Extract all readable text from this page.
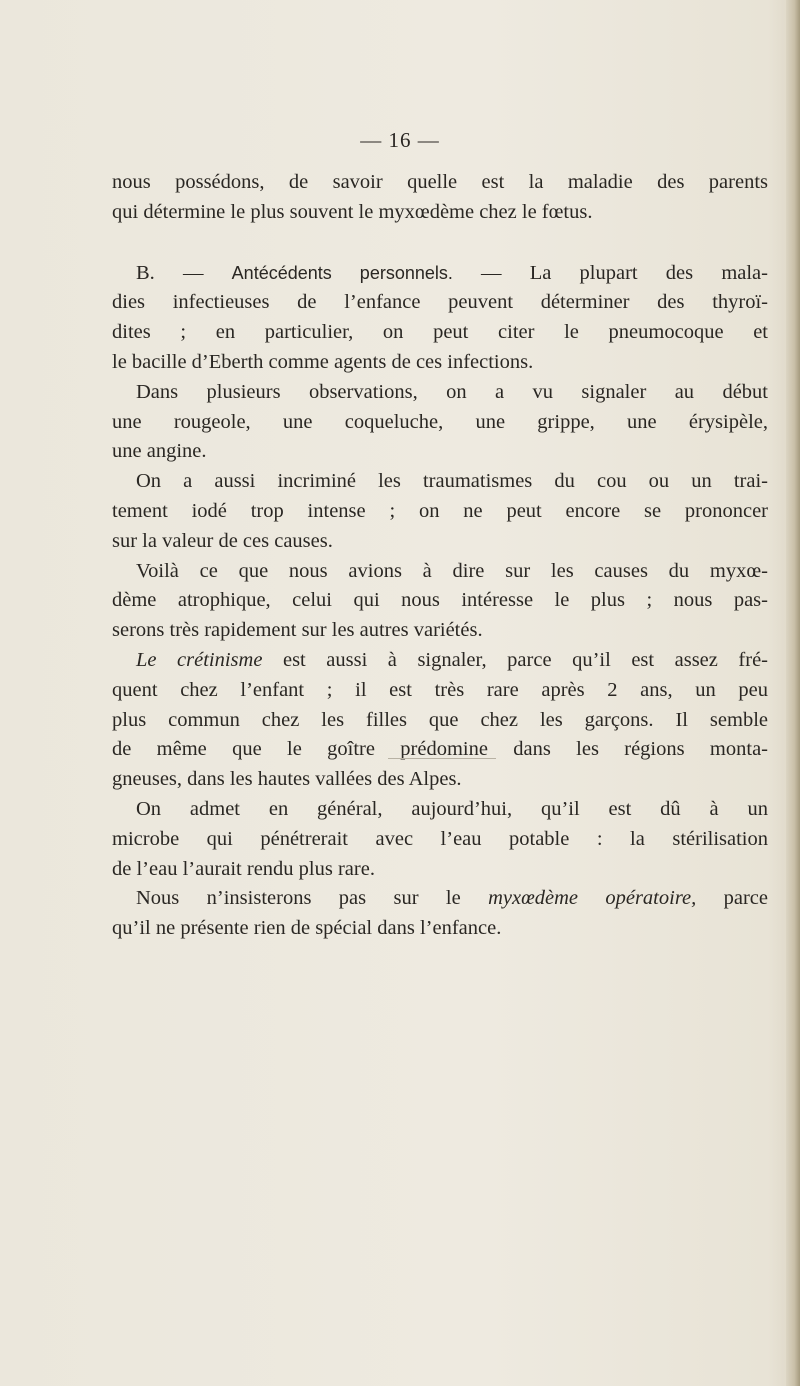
— 16 —
nous possédons, de savoir quelle est la maladie des parents
qui détermine le plus souvent le myxœdème chez le fœtus.
B. — Antécédents personnels. — La plupart des mala-
dies infectieuses de l’enfance peuvent déterminer des thyroï-
dites ; en particulier, on peut citer le pneumocoque et
le bacille d’Eberth comme agents de ces infections.
Dans plusieurs observations, on a vu signaler au début
une rougeole, une coqueluche, une grippe, une érysipèle,
une angine.
On a aussi incriminé les traumatismes du cou ou un trai-
tement iodé trop intense ; on ne peut encore se prononcer
sur la valeur de ces causes.
Voilà ce que nous avions à dire sur les causes du myxœ-
dème atrophique, celui qui nous intéresse le plus ; nous pas-
serons très rapidement sur les autres variétés.
Le crétinisme est aussi à signaler, parce qu’il est assez fré-
quent chez l’enfant ; il est très rare après 2 ans, un peu
plus commun chez les filles que chez les garçons. Il semble
de même que le goître prédomine dans les régions monta-
gneuses, dans les hautes vallées des Alpes.
On admet en général, aujourd’hui, qu’il est dû à un
microbe qui pénétrerait avec l’eau potable : la stérilisation
de l’eau l’aurait rendu plus rare.
Nous n’insisterons pas sur le myxœdème opératoire, parce
qu’il ne présente rien de spécial dans l’enfance.
